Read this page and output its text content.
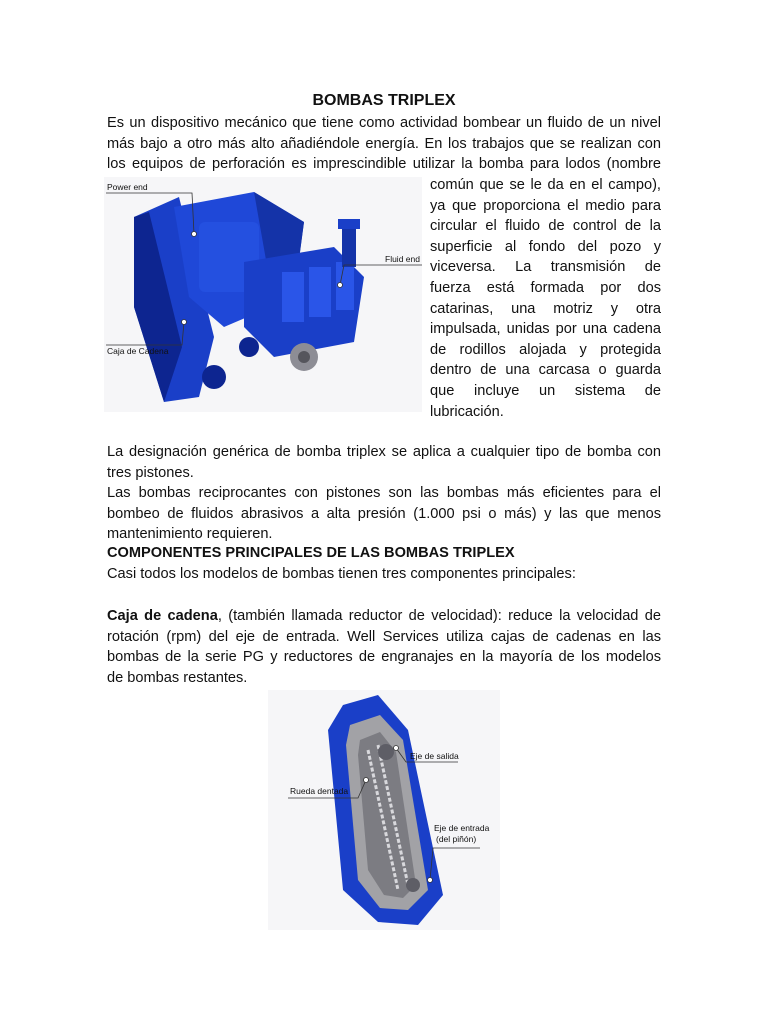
BOMBAS TRIPLEX
Es un dispositivo mecánico que tiene como actividad bombear un fluido de un nivel
más bajo a otro más alto añadiéndole energía. En los trabajos que se realizan con
los equipos de perforación es imprescindible utilizar la bomba para lodos (nombre
Power end
Fluid end
Caja de Cadena
común que se le da en el campo),
ya que proporciona el medio para
circular el fluido de control de la
superficie al fondo del pozo y
viceversa. La transmisión de
fuerza está formada por dos
catarinas, una motriz y otra
impulsada, unidas por una cadena
de rodillos alojada y protegida
dentro de una carcasa o guarda
que incluye un sistema de
lubricación.
La designación genérica de bomba triplex se aplica a cualquier tipo de bomba con
tres pistones.
Las bombas reciprocantes con pistones son las bombas más eficientes para el
bombeo de fluidos abrasivos a alta presión (1.000 psi o más) y las que menos
mantenimiento requieren.
COMPONENTES PRINCIPALES DE LAS BOMBAS TRIPLEX
Casi todos los modelos de bombas tienen tres componentes principales:
Caja de cadena, (también llamada reductor de velocidad): reduce la velocidad de
rotación (rpm) del eje de entrada. Well Services utiliza cajas de cadenas en las
bombas de la serie PG y reductores de engranajes en la mayoría de los modelos
de bombas restantes.
Eje de salida
Rueda dentada
Eje de entrada
(del piñón)
